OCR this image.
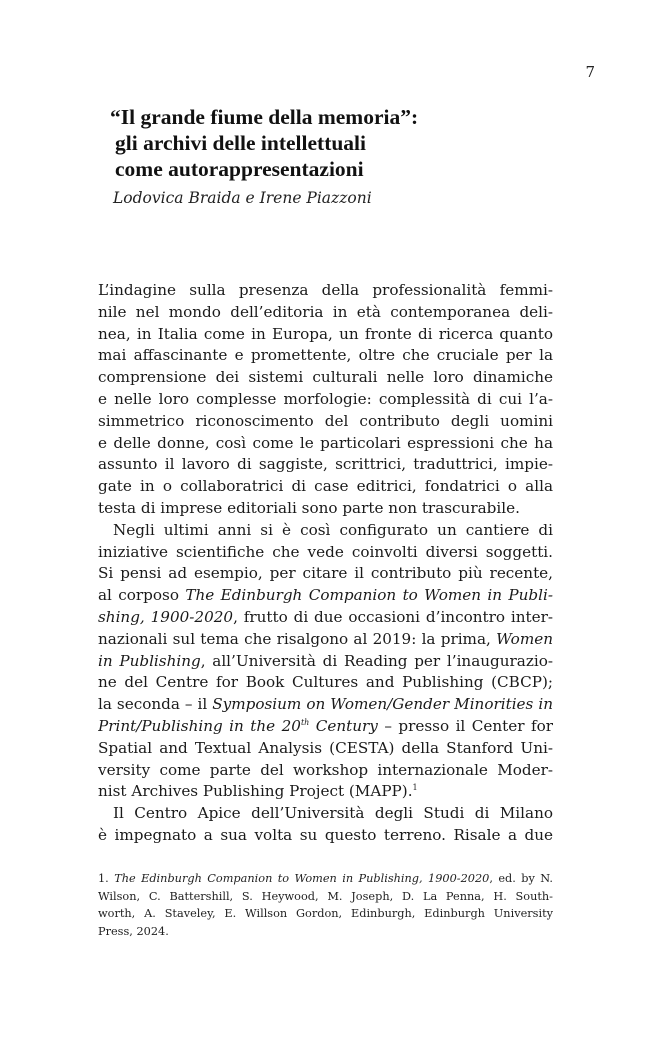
7

“Il grande fiume della memoria”:

gli archivi delle intellettuali

come autorappresentazioni

Lodovica Braida e Irene Piazzoni

L’indagine sulla presenza della professionalità femmi-
nile nel mondo dell’editoria in età contemporanea deli-
nea, in Italia come in Europa, un fronte di ricerca quanto
mai affascinante e promettente, oltre che cruciale per la
comprensione dei sistemi culturali nelle loro dinamiche
e nelle loro complesse morfologie: complessità di cui l’a-
simmetrico riconoscimento del contributo degli uomini
e delle donne, così come le particolari espressioni che ha
assunto il lavoro di saggiste, scrittrici, traduttrici, impie-
gate in o collaboratrici di case editrici, fondatrici o alla
testa di imprese editoriali sono parte non trascurabile.

Negli ultimi anni si è così configurato un cantiere di
iniziative scientifiche che vede coinvolti diversi soggetti.
Si pensi ad esempio, per citare il contributo più recente,
al corposo The Edinburgh Companion to Women in Publi-
shing, 1900-2020, frutto di due occasioni d’incontro inter-
nazionali sul tema che risalgono al 2019: la prima, Women
in Publishing, all’Università di Reading per l’inaugurazio-
ne del Centre for Book Cultures and Publishing (CBCP);
la seconda – il Symposium on Women/Gender Minorities in
Print/Publishing in the 20th Century – presso il Center for
Spatial and Textual Analysis (CESTA) della Stanford Uni-
versity come parte del workshop internazionale Moder-
nist Archives Publishing Project (MAPP).$^1$

Il Centro Apice dell’Università degli Studi di Milano
è impegnato a sua volta su questo terreno. Risale a due

1. The Edinburgh Companion to Women in Publishing, 1900-2020, ed. by N.
Wilson, C. Battershill, S. Heywood, M. Joseph, D. La Penna, H. South-
worth, A. Staveley, E. Willson Gordon, Edinburgh, Edinburgh University
Press, 2024.
